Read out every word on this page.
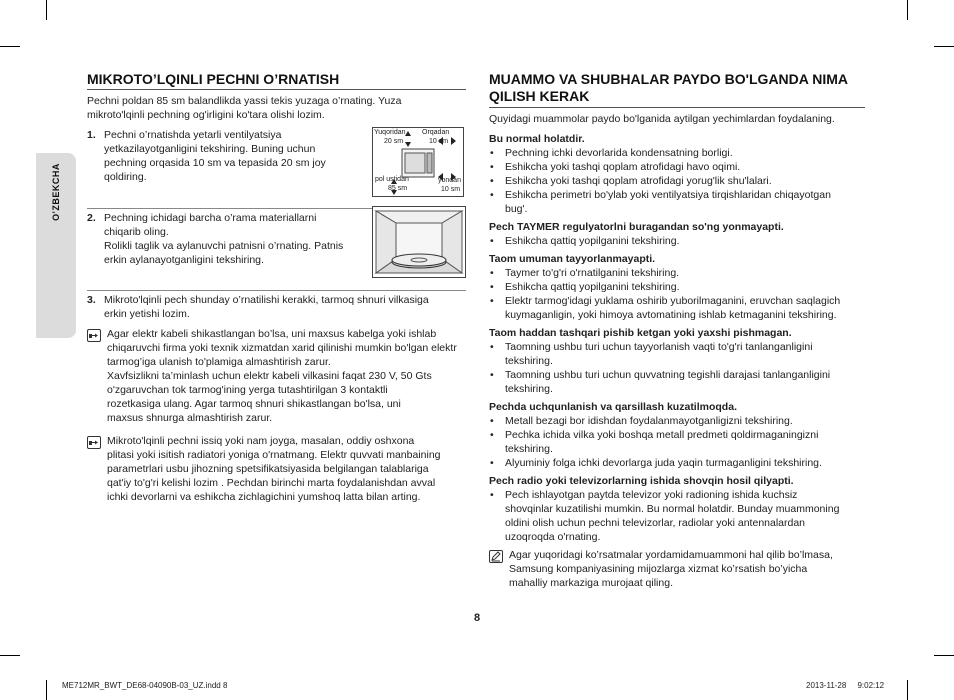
O'ZBEKCHA
MIKROTO’LQINLI PECHNI O’RNATISH

Pechni poldan 85 sm balandlikda yassi tekis yuzaga o’rnating. Yuza

mikroto'lqinli pechning og'irligini ko'tara olishi lozim.

1. Pechni o’rnatishda yetarli ventilyatsiya
yetkazilayotganligini tekshiring. Buning uchun
pechning orqasida 10 sm va tepasida 20 sm joy
qoldiring.
2. Pechning ichidagi barcha o’rama materiallarni
chiqarib oling.
Rolikli taglik va aylanuvchi patnisni o’rnating. Patnis
erkin aylanayotganligini tekshiring.
3. Mikroto'lqinli pech shunday o’rnatilishi kerakki, tarmoq shnuri vilkasiga
erkin yetishi lozim.
Agar elektr kabeli shikastlangan bo’lsa, uni maxsus kabelga yoki ishlab
chiqaruvchi firma yoki texnik xizmatdan xarid qilinishi mumkin bo'lgan elektr
tarmog’iga ulanish to'plamiga almashtirish zarur.
Xavfsizlikni ta’minlash uchun elektr kabeli vilkasini faqat 230 V, 50 Gts
o'zgaruvchan tok tarmog'ining yerga tutashtirilgan 3 kontaktli
rozetkasiga ulang. Agar tarmoq shnuri shikastlangan bo'lsa, uni
maxsus shnurga almashtirish zarur.
Mikroto'lqinli pechni issiq yoki nam joyga, masalan, oddiy oshxona
plitasi yoki isitish radiatori yoniga o'rnatmang. Elektr quvvati manbaining
parametrlari usbu jihozning spetsifikatsiyasida belgilangan talablariga
qat'iy to'g'ri kelishi lozim . Pechdan birinchi marta foydalanishdan avval
ichki devorlarni va eshikcha zichlagichini yumshoq latta bilan arting.
Yuqoridan
20 sm
Orqadan
10 sm
pol ustidan
85 sm
yondan
10 sm
MUAMMO VA SHUBHALAR PAYDO BO'LGANDA NIMA
QILISH KERAK

Quyidagi muammolar paydo bo'lganida aytilgan yechimlardan foydalaning.

Bu normal holatdir.
• Pechning ichki devorlarida kondensatning borligi.
• Eshikcha yoki tashqi qoplam atrofidagi havo oqimi.
• Eshikcha yoki tashqi qoplam atrofidagi yorug'lik shu'lalari.
• Eshikcha perimetri bo'ylab yoki ventilyatsiya tirqishlaridan chiqayotgan
bug'.
Pech TAYMER regulyatorlni buragandan so'ng yonmayapti.
• Eshikcha qattiq yopilganini tekshiring.
Taom umuman tayyorlanmayapti.
• Taymer to'g'ri o'rnatilganini tekshiring.
• Eshikcha qattiq yopilganini tekshiring.
• Elektr tarmog'idagi yuklama oshirib yuborilmaganini, eruvchan saqlagich
kuymaganligin, yoki himoya avtomatining ishlab ketmaganini tekshiring.
Taom haddan tashqari pishib ketgan yoki yaxshi pishmagan.
• Taomning ushbu turi uchun tayyorlanish vaqti to'g'ri tanlanganligini
tekshiring.
• Taomning ushbu turi uchun quvvatning tegishli darajasi tanlanganligini
tekshiring.
Pechda uchqunlanish va qarsillash kuzatilmoqda.
• Metall bezagi bor idishdan foydalanmayotganligizni tekshiring.
• Pechka ichida vilka yoki boshqa metall predmeti qoldirmaganingizni
tekshiring.
• Alyuminiy folga ichki devorlarga juda yaqin turmaganligini tekshiring.
Pech radio yoki televizorlarning ishida shovqin hosil qilyapti.
• Pech ishlayotgan paytda televizor yoki radioning ishida kuchsiz
shovqinlar kuzatilishi mumkin. Bu normal holatdir. Bunday muammoning
oldini olish uchun pechni televizorlar, radiolar yoki antennalardan
uzoqroqda o'rnating.
Agar yuqoridagi ko’rsatmalar yordamidamuammoni hal qilib bo’lmasa,
Samsung kompaniyasining mijozlarga xizmat ko’rsatish bo’yicha
mahalliy markaziga murojaat qiling.
8
ME712MR_BWT_DE68-04090B-03_UZ.indd 8	2013-11-28     9:02:12
